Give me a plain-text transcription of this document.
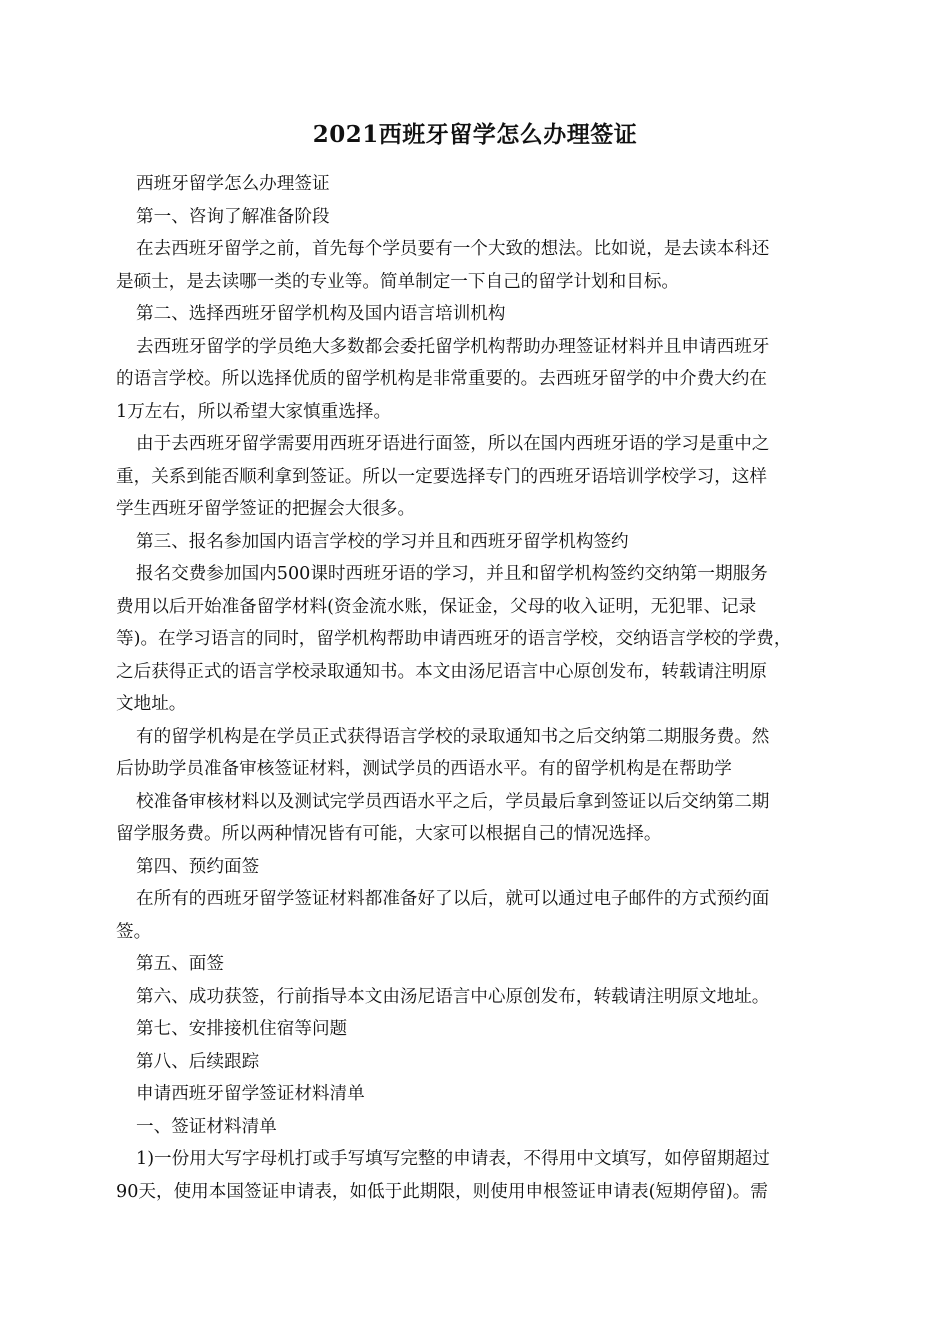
2021西班牙留学怎么办理签证
西班牙留学怎么办理签证
第一、咨询了解准备阶段
在去西班牙留学之前，首先每个学员要有一个大致的想法。比如说，是去读本科还
是硕士，是去读哪一类的专业等。简单制定一下自己的留学计划和目标。
第二、选择西班牙留学机构及国内语言培训机构
去西班牙留学的学员绝大多数都会委托留学机构帮助办理签证材料并且申请西班牙
的语言学校。所以选择优质的留学机构是非常重要的。去西班牙留学的中介费大约在
1万左右，所以希望大家慎重选择。
由于去西班牙留学需要用西班牙语进行面签，所以在国内西班牙语的学习是重中之
重，关系到能否顺利拿到签证。所以一定要选择专门的西班牙语培训学校学习，这样
学生西班牙留学签证的把握会大很多。
第三、报名参加国内语言学校的学习并且和西班牙留学机构签约
报名交费参加国内500课时西班牙语的学习，并且和留学机构签约交纳第一期服务
费用以后开始准备留学材料(资金流水账，保证金，父母的收入证明，无犯罪、记录
等)。在学习语言的同时，留学机构帮助申请西班牙的语言学校，交纳语言学校的学费，
之后获得正式的语言学校录取通知书。本文由汤尼语言中心原创发布，转载请注明原
文地址。
有的留学机构是在学员正式获得语言学校的录取通知书之后交纳第二期服务费。然
后协助学员准备审核签证材料，测试学员的西语水平。有的留学机构是在帮助学
校准备审核材料以及测试完学员西语水平之后，学员最后拿到签证以后交纳第二期
留学服务费。所以两种情况皆有可能，大家可以根据自己的情况选择。
第四、预约面签
在所有的西班牙留学签证材料都准备好了以后，就可以通过电子邮件的方式预约面
签。
第五、面签
第六、成功获签，行前指导本文由汤尼语言中心原创发布，转载请注明原文地址。
第七、安排接机住宿等问题
第八、后续跟踪
申请西班牙留学签证材料清单
一、签证材料清单
1)一份用大写字母机打或手写填写完整的申请表，不得用中文填写，如停留期超过
90天，使用本国签证申请表，如低于此期限，则使用申根签证申请表(短期停留)。需
